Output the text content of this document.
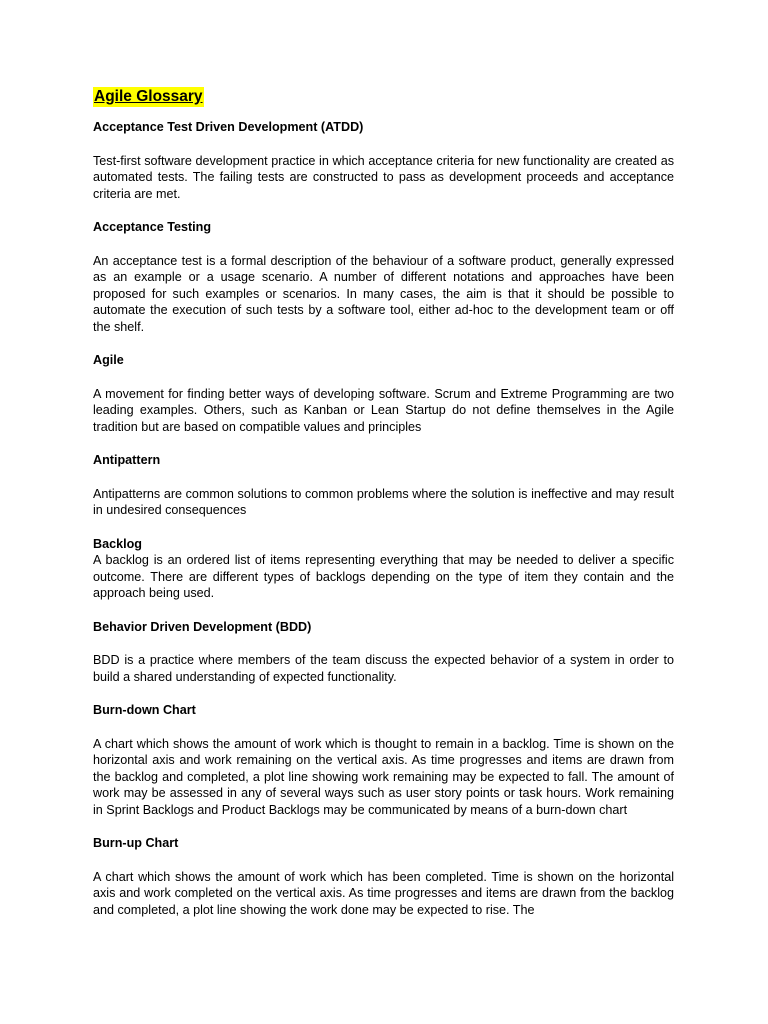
Agile Glossary
Acceptance Test Driven Development (ATDD)
Test-first software development practice in which acceptance criteria for new functionality are created as automated tests. The failing tests are constructed to pass as development proceeds and acceptance criteria are met.
Acceptance Testing
An acceptance test is a formal description of the behaviour of a software product, generally expressed as an example or a usage scenario. A number of different notations and approaches have been proposed for such examples or scenarios. In many cases, the aim is that it should be possible to automate the execution of such tests by a software tool, either ad-hoc to the development team or off the shelf.
Agile
A movement for finding better ways of developing software. Scrum and Extreme Programming are two leading examples. Others, such as Kanban or Lean Startup do not define themselves in the Agile tradition but are based on compatible values and principles
Antipattern
Antipatterns are common solutions to common problems where the solution is ineffective and may result in undesired consequences
Backlog
A backlog is an ordered list of items representing everything that may be needed to deliver a specific outcome. There are different types of backlogs depending on the type of item they contain and the approach being used.
Behavior Driven Development (BDD)
BDD is a practice where members of the team discuss the expected behavior of a system in order to build a shared understanding of expected functionality.
Burn-down Chart
A chart which shows the amount of work which is thought to remain in a backlog. Time is shown on the horizontal axis and work remaining on the vertical axis. As time progresses and items are drawn from the backlog and completed, a plot line showing work remaining may be expected to fall. The amount of work may be assessed in any of several ways such as user story points or task hours. Work remaining in Sprint Backlogs and Product Backlogs may be communicated by means of a burn-down chart
Burn-up Chart
A chart which shows the amount of work which has been completed. Time is shown on the horizontal axis and work completed on the vertical axis. As time progresses and items are drawn from the backlog and completed, a plot line showing the work done may be expected to rise. The
